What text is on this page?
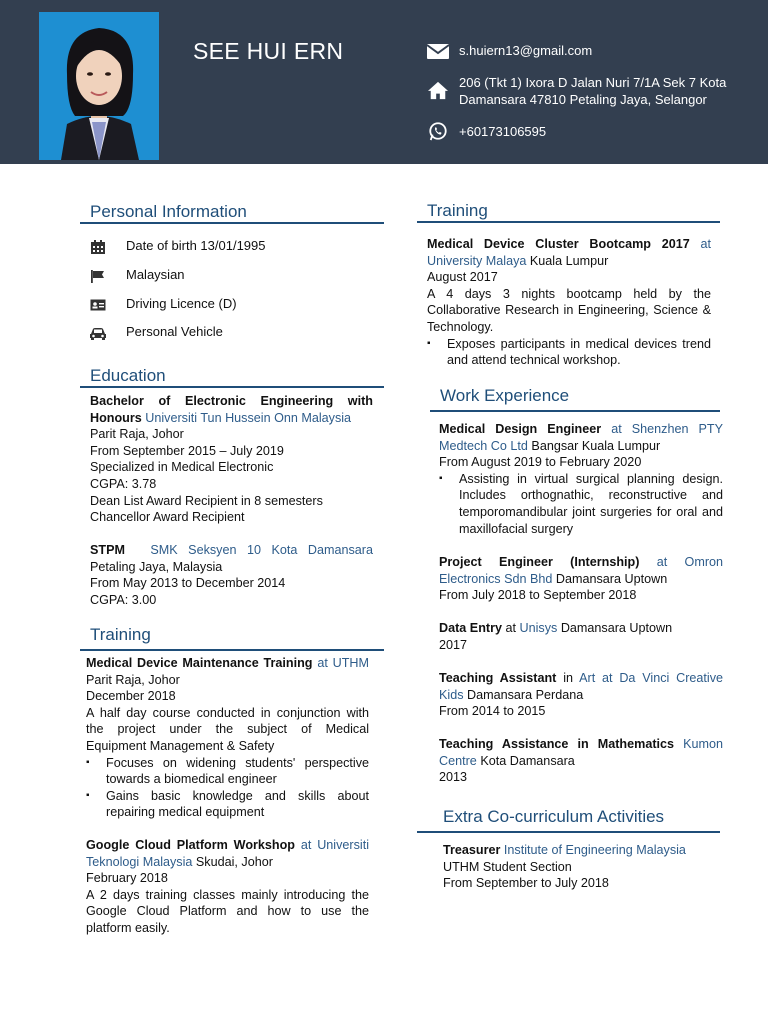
SEE HUI ERN	s.huiern13@gmail.com
206 (Tkt 1) Ixora D Jalan Nuri 7/1A Sek 7 Kota Damansara 47810 Petaling Jaya, Selangor
+60173106595
Personal Information
Date of birth 13/01/1995
Malaysian
Driving Licence (D)
Personal Vehicle
Education

Bachelor of Electronic Engineering with Honours Universiti Tun Hussein Onn Malaysia

Parit Raja, Johor

From September 2015 – July 2019

Specialized in Medical Electronic

CGPA: 3.78

Dean List Award Recipient in 8 semesters

Chancellor Award Recipient

STPM SMK Seksyen 10 Kota Damansara

Petaling Jaya, Malaysia

From May 2013 to December 2014

CGPA: 3.00

Training

Medical Device Maintenance Training at UTHM Parit Raja, Johor

December 2018

A half day course conducted in conjunction with the project under the subject of Medical Equipment Management & Safety

▪ Focuses on widening students' perspective towards a biomedical engineer
▪ Gains basic knowledge and skills about repairing medical equipment

Google Cloud Platform Workshop at Universiti Teknologi Malaysia Skudai, Johor

February 2018

A 2 days training classes mainly introducing the Google Cloud Platform and how to use the platform easily.

Training

Medical Device Cluster Bootcamp 2017 at University Malaya Kuala Lumpur

August 2017

A 4 days 3 nights bootcamp held by the Collaborative Research in Engineering, Science & Technology.

▪ Exposes participants in medical devices trend and attend technical workshop.
Work Experience

Medical Design Engineer at Shenzhen PTY Medtech Co Ltd Bangsar Kuala Lumpur

From August 2019 to February 2020

▪ Assisting in virtual surgical planning design. Includes orthognathic, reconstructive and temporomandibular joint surgeries for oral and maxillofacial surgery

Project Engineer (Internship) at Omron Electronics Sdn Bhd Damansara Uptown

From July 2018 to September 2018

Data Entry at Unisys Damansara Uptown

2017

Teaching Assistant in Art at Da Vinci Creative Kids Damansara Perdana

From 2014 to 2015

Teaching Assistance in Mathematics Kumon Centre Kota Damansara

2013

Extra Co-curriculum Activities

Treasurer Institute of Engineering Malaysia

UTHM Student Section

From September to July 2018
